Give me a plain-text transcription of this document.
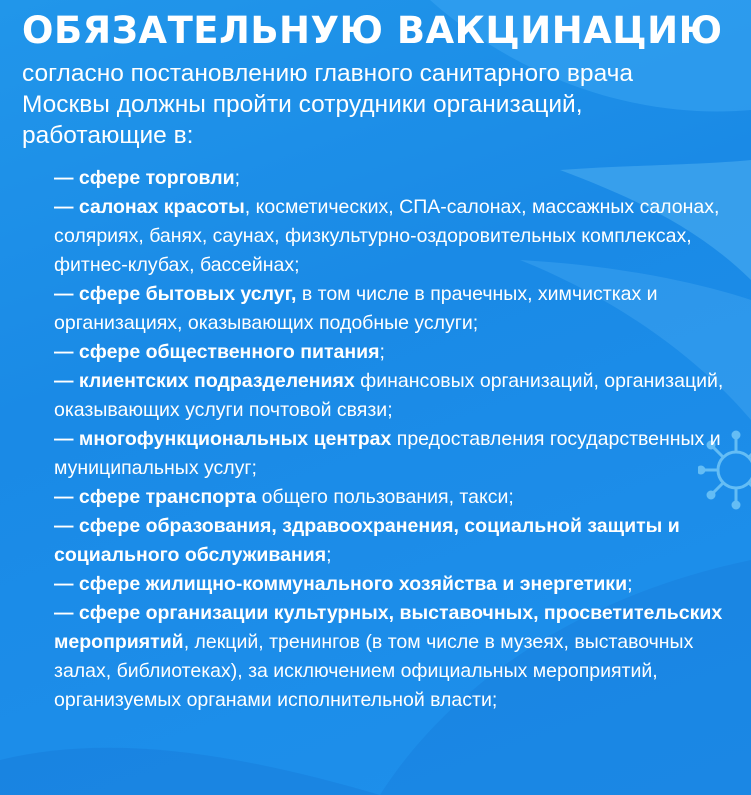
ОБЯЗАТЕЛЬНУЮ ВАКЦИНАЦИЮ

согласно постановлению главного санитарного врача Москвы должны пройти сотрудники организаций, работающие в:

— сфере торговли;
— салонах красоты, косметических, СПА-салонах, массажных салонах, соляриях, банях, саунах, физкультурно-оздоровительных комплексах, фитнес-клубах, бассейнах;
— сфере бытовых услуг, в том числе в прачечных, химчистках и организациях, оказывающих подобные услуги;
— сфере общественного питания;
— клиентских подразделениях финансовых организаций, организаций, оказывающих услуги почтовой связи;
— многофункциональных центрах предоставления государственных и муниципальных услуг;
— сфере транспорта общего пользования, такси;
— сфере образования, здравоохранения, социальной защиты и социального обслуживания;
— сфере жилищно-коммунального хозяйства и энергетики;
— сфере организации культурных, выставочных, просветительских мероприятий, лекций, тренингов (в том числе в музеях, выставочных залах, библиотеках), за исключением официальных мероприятий, организуемых органами исполнительной власти;
